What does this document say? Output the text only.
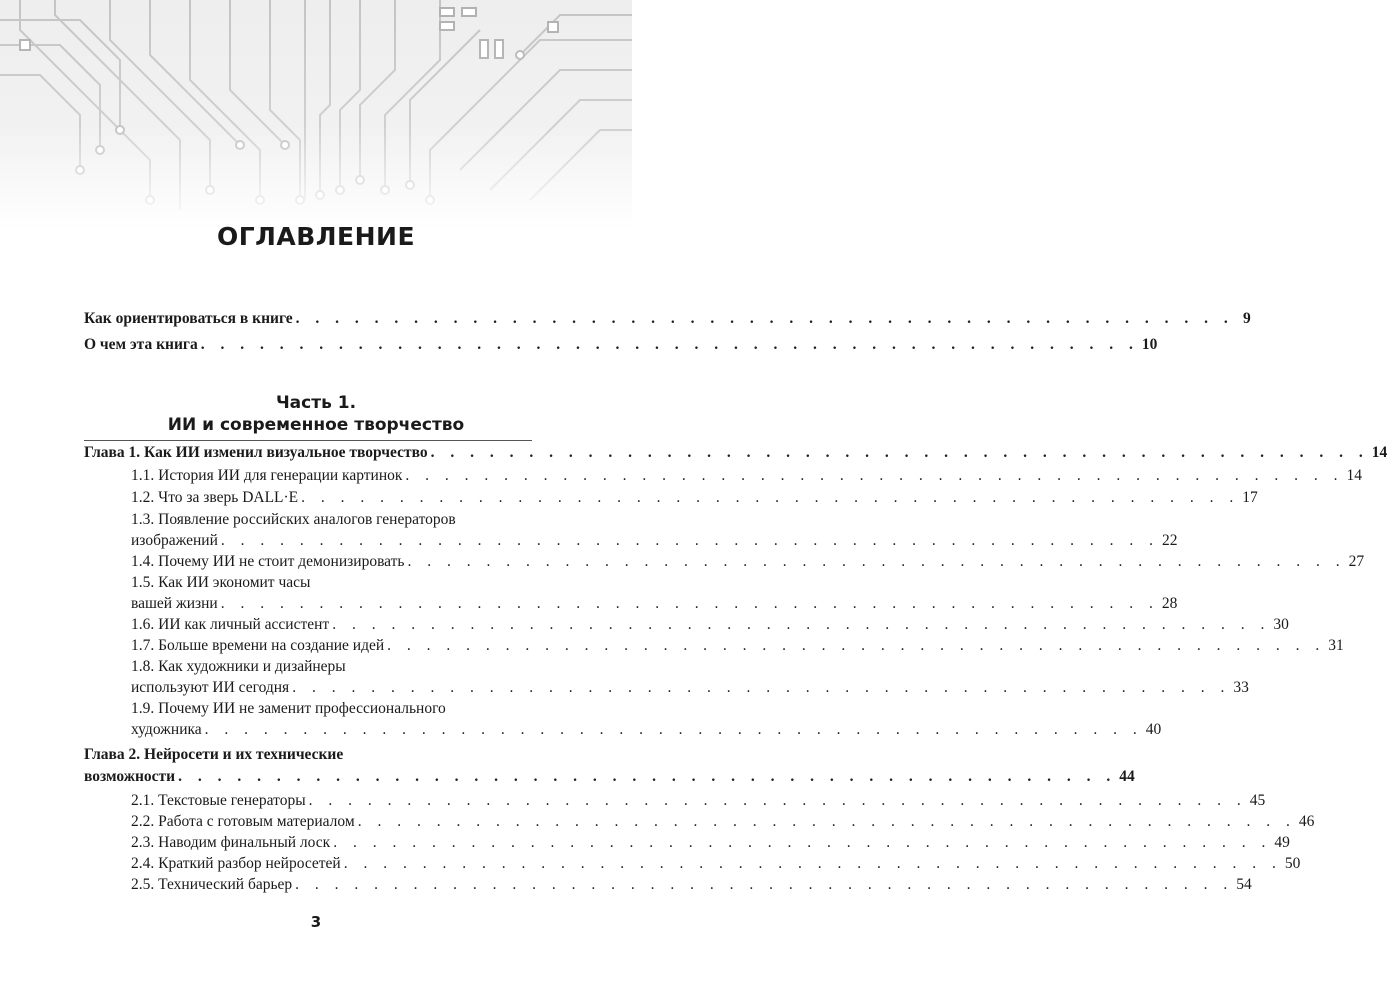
ОГЛАВЛЕНИЕ
Как ориентироваться в книге . . . . . . . . . . . . . . . . . . . . . . . . . . . . . . . . . . . . . . . . . . . . . . . . 9
О чем эта книга . . . . . . . . . . . . . . . . . . . . . . . . . . . . . . . . . . . . . . . . . . . . . . . . 10
Часть 1.
ИИ и современное творчество
Глава 1. Как ИИ изменил визуальное творчество . . . . . . . . . . . . . . . . . . . . . . . . . . . . . . . . . . . . . . . . . . . . . . . . 14
1.1. История ИИ для генерации картинок . . . . . . . . . . . . . . . . . . . . . . . . . . . . . . . . . . . . . . . . . . . . . . . . 14
1.2. Что за зверь DALL·E . . . . . . . . . . . . . . . . . . . . . . . . . . . . . . . . . . . . . . . . . . . . . . . . 17
1.3. Появление российских аналогов генераторов
изображений . . . . . . . . . . . . . . . . . . . . . . . . . . . . . . . . . . . . . . . . . . . . . . . . 22
1.4. Почему ИИ не стоит демонизировать . . . . . . . . . . . . . . . . . . . . . . . . . . . . . . . . . . . . . . . . . . . . . . . . 27
1.5. Как ИИ экономит часы
вашей жизни . . . . . . . . . . . . . . . . . . . . . . . . . . . . . . . . . . . . . . . . . . . . . . . . 28
1.6. ИИ как личный ассистент . . . . . . . . . . . . . . . . . . . . . . . . . . . . . . . . . . . . . . . . . . . . . . . . 30
1.7. Больше времени на создание идей . . . . . . . . . . . . . . . . . . . . . . . . . . . . . . . . . . . . . . . . . . . . . . . . 31
1.8. Как художники и дизайнеры
используют ИИ сегодня . . . . . . . . . . . . . . . . . . . . . . . . . . . . . . . . . . . . . . . . . . . . . . . . 33
1.9. Почему ИИ не заменит профессионального
художника . . . . . . . . . . . . . . . . . . . . . . . . . . . . . . . . . . . . . . . . . . . . . . . . 40
Глава 2. Нейросети и их технические
возможности . . . . . . . . . . . . . . . . . . . . . . . . . . . . . . . . . . . . . . . . . . . . . . . . 44
2.1. Текстовые генераторы . . . . . . . . . . . . . . . . . . . . . . . . . . . . . . . . . . . . . . . . . . . . . . . . 45
2.2. Работа с готовым материалом . . . . . . . . . . . . . . . . . . . . . . . . . . . . . . . . . . . . . . . . . . . . . . . . 46
2.3. Наводим финальный лоск . . . . . . . . . . . . . . . . . . . . . . . . . . . . . . . . . . . . . . . . . . . . . . . . 49
2.4. Краткий разбор нейросетей . . . . . . . . . . . . . . . . . . . . . . . . . . . . . . . . . . . . . . . . . . . . . . . . 50
2.5. Технический барьер . . . . . . . . . . . . . . . . . . . . . . . . . . . . . . . . . . . . . . . . . . . . . . . . 54
3
